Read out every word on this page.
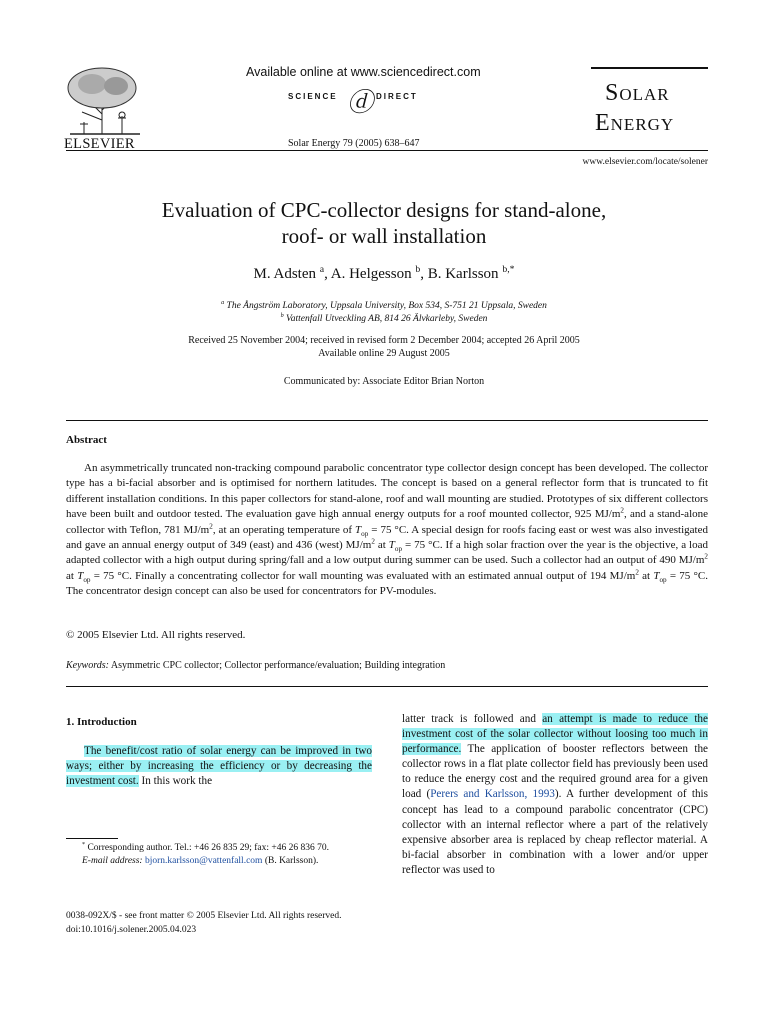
ELSEVIER
Available online at www.sciencedirect.com
SCIENCE ⓓ DIRECT
Solar Energy 79 (2005) 638–647
Solar
Energy
www.elsevier.com/locate/solener
Evaluation of CPC-collector designs for stand-alone,
roof- or wall installation
M. Adsten $^a$, A. Helgesson $^b$, B. Karlsson $^{b,*}$
$^a$ The Ångström Laboratory, Uppsala University, Box 534, S-751 21 Uppsala, Sweden
$^b$ Vattenfall Utveckling AB, 814 26 Älvkarleby, Sweden
Received 25 November 2004; received in revised form 2 December 2004; accepted 26 April 2005
Available online 29 August 2005
Communicated by: Associate Editor Brian Norton
Abstract
An asymmetrically truncated non-tracking compound parabolic concentrator type collector design concept has been developed. The collector type has a bi-facial absorber and is optimised for northern latitudes. The concept is based on a general reflector form that is truncated to fit different installation conditions. In this paper collectors for stand-alone, roof and wall mounting are studied. Prototypes of six different collectors have been built and outdoor tested. The evaluation gave high annual energy outputs for a roof mounted collector, 925 $MJ/m^2$, and a stand-alone collector with Teflon, 781 $MJ/m^2$, at an operating temperature of $T_{op} = 75$ °C. A special design for roofs facing east or west was also investigated and gave an annual energy output of 349 (east) and 436 (west) $MJ/m^2$ at $T_{op} = 75$ °C. If a high solar fraction over the year is the objective, a load adapted collector with a high output during spring/fall and a low output during summer can be used. Such a collector had an output of 490 $MJ/m^2$ at $T_{op} = 75$ °C. Finally a concentrating collector for wall mounting was evaluated with an estimated annual output of 194 $MJ/m^2$ at $T_{op} = 75$ °C. The concentrator design concept can also be used for concentrators for PV-modules.
© 2005 Elsevier Ltd. All rights reserved.
Keywords: Asymmetric CPC collector; Collector performance/evaluation; Building integration
1. Introduction
The benefit/cost ratio of solar energy can be improved in two ways; either by increasing the efficiency or by decreasing the investment cost. In this work the
* Corresponding author. Tel.: +46 26 835 29; fax: +46 26 836 70.
E-mail address: bjorn.karlsson@vattenfall.com (B. Karlsson).
latter track is followed and an attempt is made to reduce the investment cost of the solar collector without loosing too much in performance. The application of booster reflectors between the collector rows in a flat plate collector field has previously been used to reduce the energy cost and the required ground area for a given load (Perers and Karlsson, 1993). A further development of this concept has lead to a compound parabolic concentrator (CPC) collector with an internal reflector where a part of the relatively expensive absorber area is replaced by cheap reflector material. A bi-facial absorber in combination with a lower and/or upper reflector was used to
0038-092X/$ - see front matter © 2005 Elsevier Ltd. All rights reserved.
doi:10.1016/j.solener.2005.04.023
